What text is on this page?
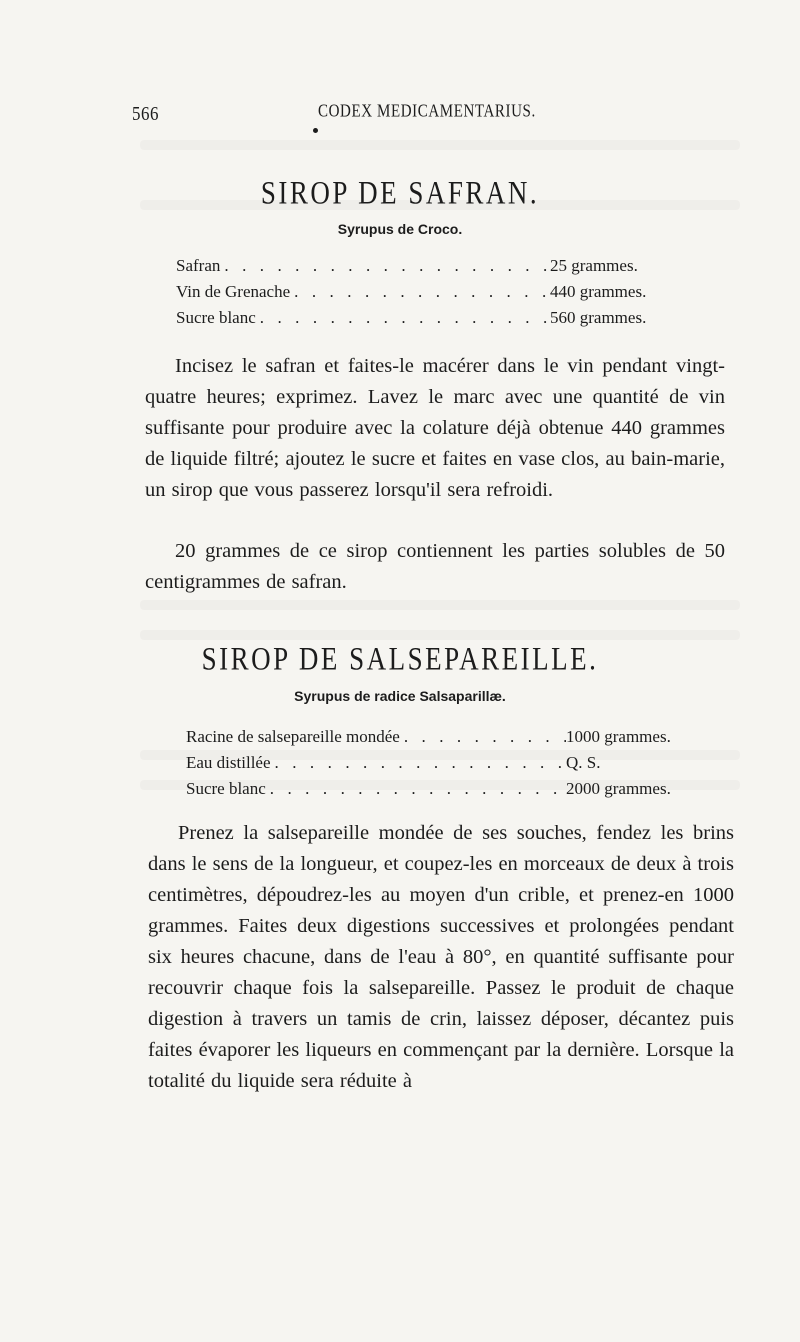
566	CODEX MEDICAMENTARIUS.
SIROP DE SAFRAN.
Syrupus de Croco.
Safran . . .	25 grammes.
Vin de Grenache . . .	440 grammes.
Sucre blanc . . .	560 grammes.

Incisez le safran et faites-le macérer dans le vin pendant vingt-quatre heures; exprimez. Lavez le marc avec une quantité de vin suffisante pour produire avec la colature déjà obtenue 440 grammes de liquide filtré; ajoutez le sucre et faites en vase clos, au bain-marie, un sirop que vous passerez lorsqu'il sera refroidi.

20 grammes de ce sirop contiennent les parties solubles de 50 centigrammes de safran.

SIROP DE SALSEPAREILLE.
Syrupus de radice Salsaparillæ.
Racine de salsepareille mondée . . .	1000 grammes.
Eau distillée . . .	Q. S.
Sucre blanc . . .	2000 grammes.

Prenez la salsepareille mondée de ses souches, fendez les brins dans le sens de la longueur, et coupez-les en morceaux de deux à trois centimètres, dépoudrez-les au moyen d'un crible, et prenez-en 1000 grammes. Faites deux digestions successives et prolongées pendant six heures chacune, dans de l'eau à 80°, en quantité suffisante pour recouvrir chaque fois la salsepareille. Passez le produit de chaque digestion à travers un tamis de crin, laissez déposer, décantez puis faites évaporer les liqueurs en commençant par la dernière. Lorsque la totalité du liquide sera réduite à
